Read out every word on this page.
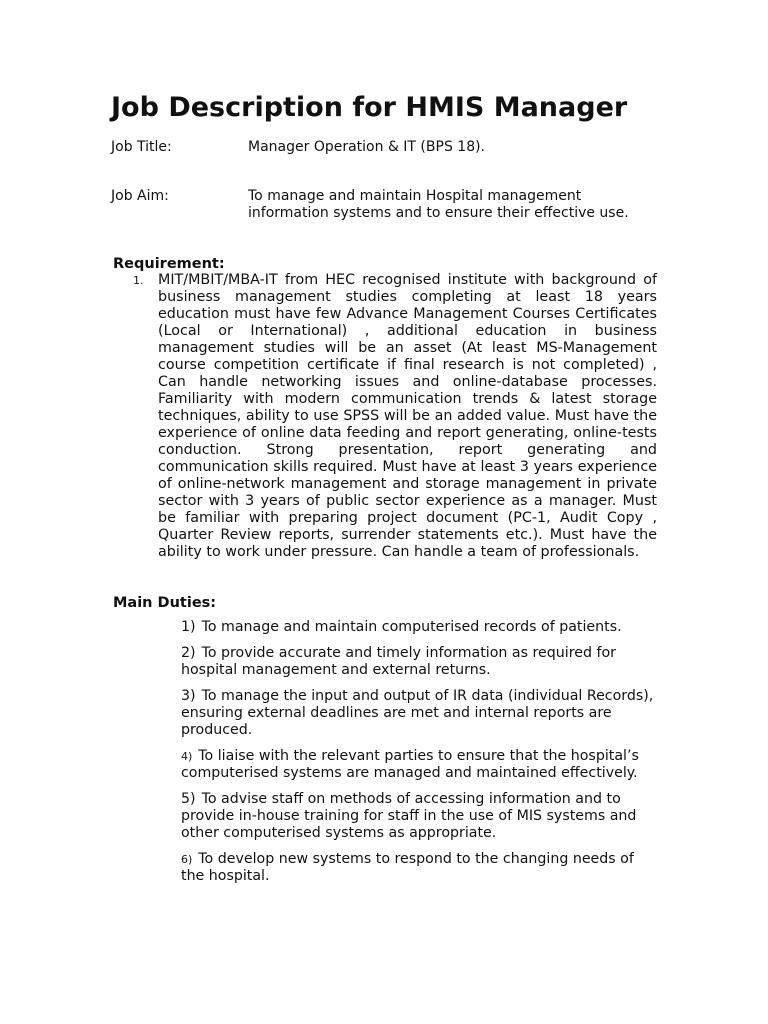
Job Description for HMIS Manager
Job Title:	Manager Operation & IT (BPS 18).
Job Aim:	To manage and maintain Hospital management information systems and to ensure their effective use.
Requirement:
1. MIT/MBIT/MBA-IT from HEC recognised institute with background of business management studies completing at least 18 years education must have few Advance Management Courses Certificates (Local or International) , additional education in business management studies will be an asset (At least MS-Management course competition certificate if final research is not completed) , Can handle networking issues and online-database processes. Familiarity with modern communication trends & latest storage techniques, ability to use SPSS will be an added value. Must have the experience of online data feeding and report generating, online-tests conduction. Strong presentation, report generating and communication skills required. Must have at least 3 years experience of online-network management and storage management in private sector with 3 years of public sector experience as a manager. Must be familiar with preparing project document (PC-1, Audit Copy , Quarter Review reports, surrender statements etc.). Must have the ability to work under pressure. Can handle a team of professionals.
Main Duties:
1) To manage and maintain computerised records of patients.
2) To provide accurate and timely information as required for hospital management and external returns.
3) To manage the input and output of IR data (individual Records), ensuring external deadlines are met and internal reports are produced.
4) To liaise with the relevant parties to ensure that the hospital’s computerised systems are managed and maintained effectively.
5) To advise staff on methods of accessing information and to provide in-house training for staff in the use of MIS systems and other computerised systems as appropriate.
6) To develop new systems to respond to the changing needs of the hospital.
